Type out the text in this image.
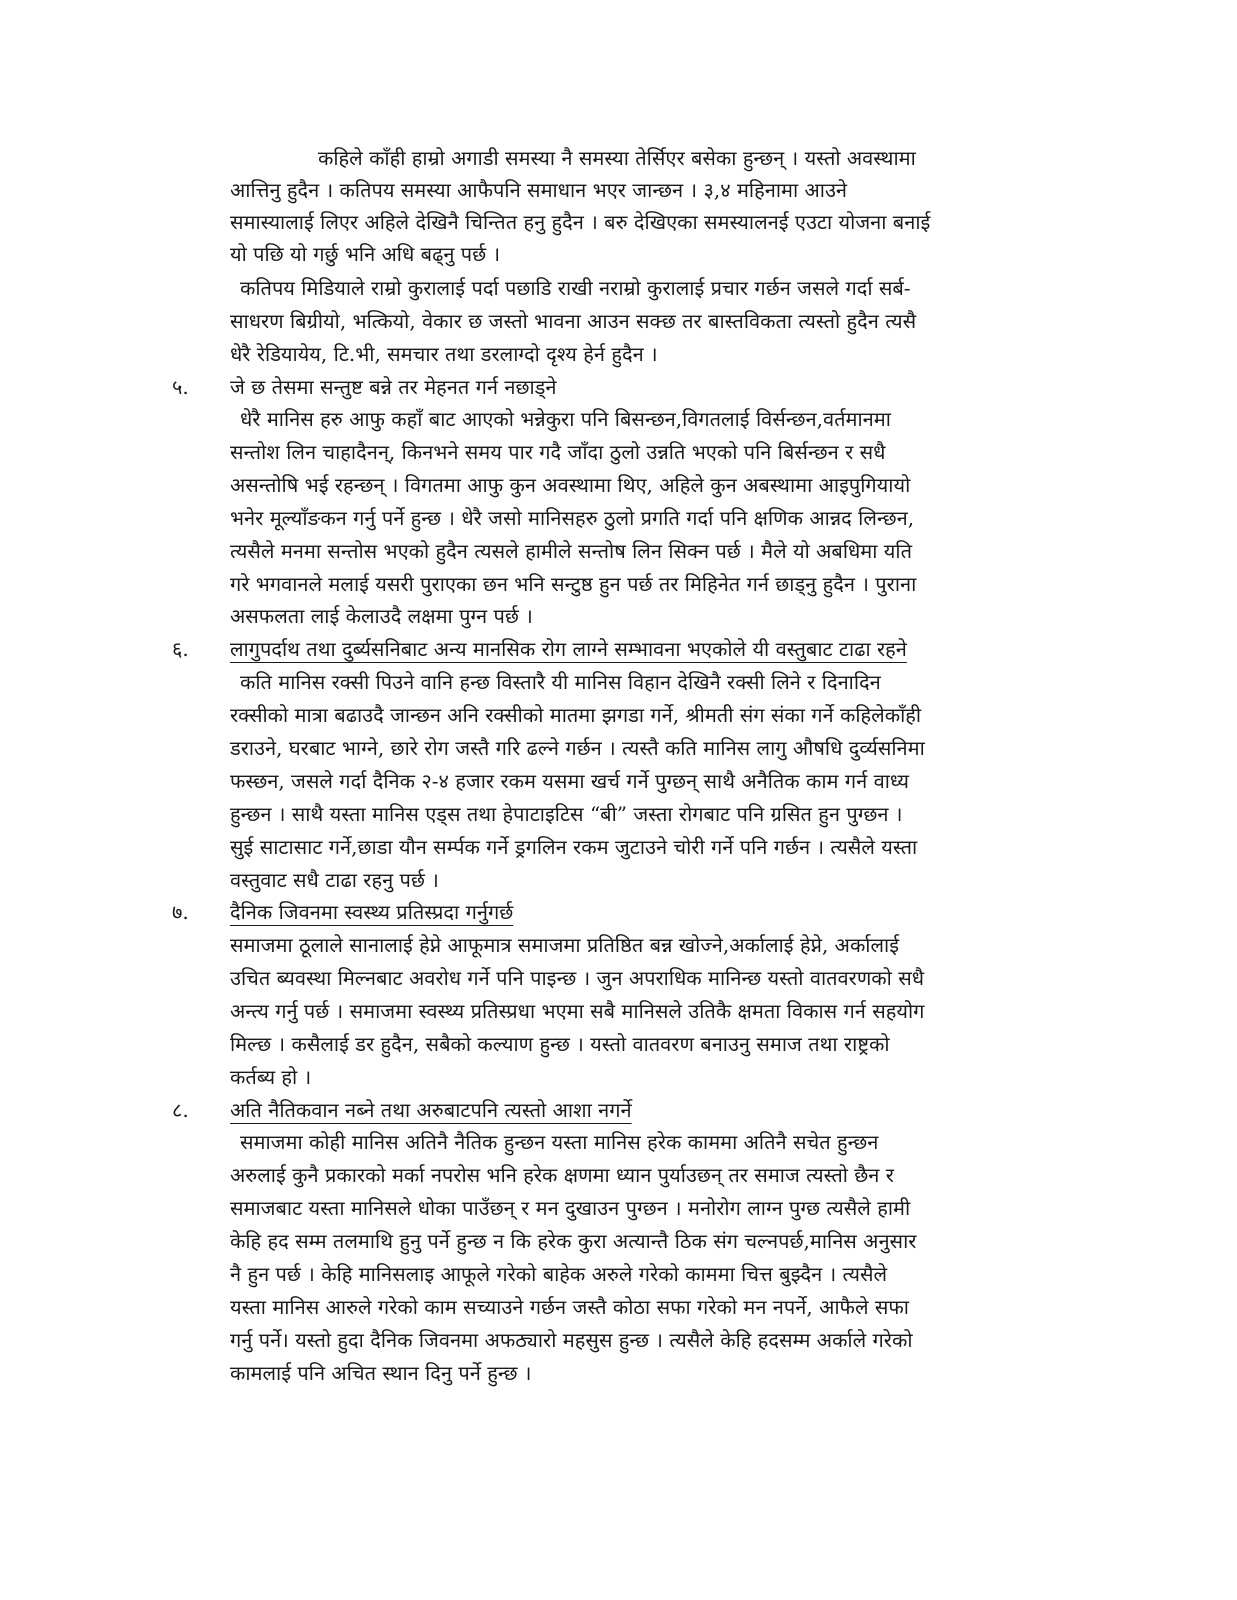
कहिले काँही हाम्रो अगाडी समस्या नै समस्या तेर्सिएर बसेका हुन्छन् । यस्तो अवस्थामा
आत्तिनु हुदैन । कतिपय समस्या आफैपनि समाधान भएर जान्छन । ३,४ महिनामा आउने
समास्यालाई लिएर अहिले देखिनै चिन्तित हनु हुदैन । बरु देखिएका समस्यालनई एउटा योजना बनाई
यो पछि यो गर्छु भनि अधि बढ्नु पर्छ ।
कतिपय मिडियाले राम्रो कुरालाई पर्दा पछाडि राखी नराम्रो कुरालाई प्रचार गर्छन जसले गर्दा सर्ब-
साधरण बिग्रीयो, भत्कियो, वेकार छ जस्तो भावना आउन सक्छ तर बास्तविकता त्यस्तो हुदैन त्यसै
धेरै रेडियायेय, टि.भी, समचार तथा डरलाग्दो दृश्य हेर्न हुदैन ।
५. जे छ तेसमा सन्तुष्ट बन्ने तर मेहनत गर्न नछाड्ने
धेरै मानिस हरु आफु कहाँ बाट आएको भन्नेकुरा पनि बिसन्छन,विगतलाई विर्सन्छन,वर्तमानमा
सन्तोश लिन चाहादैनन्, किनभने समय पार गदै जाँदा ठुलो उन्नति भएको पनि बिर्सन्छन र सधै
असन्तोषि भई रहन्छन् । विगतमा आफु कुन अवस्थामा थिए, अहिले कुन अबस्थामा आइपुगियायो
भनेर मूल्याँङकन गर्नु पर्ने हुन्छ । धेरै जसो मानिसहरु ठुलो प्रगति गर्दा पनि क्षणिक आन्नद लिन्छन,
त्यसैले मनमा सन्तोस भएको हुदैन त्यसले हामीले सन्तोष लिन सिक्न पर्छ । मैले यो अबधिमा यति
गरे भगवानले मलाई यसरी पुराएका छन भनि सन्टुष्ठ हुन पर्छ तर मिहिनेत गर्न छाड्नु हुदैन । पुराना
असफलता लाई केलाउदै लक्षमा पुग्न पर्छ ।
६. लागुपर्दाथ तथा दुर्ब्यसनिबाट अन्य मानसिक रोग लाग्ने सम्भावना भएकोले यी वस्तुबाट टाढा रहने
कति मानिस रक्सी पिउने वानि हन्छ विस्तारै यी मानिस विहान देखिनै रक्सी लिने र दिनादिन
रक्सीको मात्रा बढाउदै जान्छन अनि रक्सीको मातमा झगडा गर्ने, श्रीमती संग संका गर्ने कहिलेकाँही
डराउने, घरबाट भाग्ने, छारे रोग जस्तै गरि ढल्ने गर्छन । त्यस्तै कति मानिस लागु औषधि दुर्व्यसनिमा
फस्छन, जसले गर्दा दैनिक २-४ हजार रकम यसमा खर्च गर्ने पुग्छन् साथै अनैतिक काम गर्न वाध्य
हुन्छन । साथै यस्ता मानिस एड्स तथा हेपाटाइटिस “बी” जस्ता रोगबाट पनि ग्रसित हुन पुग्छन ।
सुई साटासाट गर्ने,छाडा यौन सर्म्पक गर्ने ड्रगलिन रकम जुटाउने चोरी गर्ने पनि गर्छन । त्यसैले यस्ता
वस्तुवाट सधै टाढा रहनु पर्छ ।
७. दैनिक जिवनमा स्वस्थ्य प्रतिस्प्रदा गर्नुगर्छ
समाजमा ठूलाले सानालाई हेप्ने आफूमात्र समाजमा प्रतिष्ठित बन्न खोज्ने,अर्कालाई हेप्ने, अर्कालाई
उचित ब्यवस्था मिल्नबाट अवरोध गर्ने पनि पाइन्छ । जुन अपराधिक मानिन्छ यस्तो वातवरणको सधै
अन्त्य गर्नु पर्छ । समाजमा स्वस्थ्य प्रतिस्प्रधा भएमा सबै मानिसले उतिकै क्षमता विकास गर्न सहयोग
मिल्छ । कसैलाई डर हुदैन, सबैको कल्याण हुन्छ । यस्तो वातवरण बनाउनु समाज तथा राष्ट्रको
कर्तब्य हो ।
८. अति नैतिकवान नब्ने तथा अरुबाटपनि त्यस्तो आशा नगर्ने
समाजमा कोही मानिस अतिनै नैतिक हुन्छन यस्ता मानिस हरेक काममा अतिनै सचेत हुन्छन
अरुलाई कुनै प्रकारको मर्का नपरोस भनि हरेक क्षणमा ध्यान पुर्याउछन् तर समाज त्यस्तो छैन र
समाजबाट यस्ता मानिसले धोका पाउँछन् र मन दुखाउन पुग्छन । मनोरोग लाग्न पुग्छ त्यसैले हामी
केहि हद सम्म तलमाथि हुनु पर्ने हुन्छ न कि हरेक कुरा अत्यान्तै ठिक संग चल्नपर्छ,मानिस अनुसार
नै हुन पर्छ । केहि मानिसलाइ आफूले गरेको बाहेक अरुले गरेको काममा चित्त बुझ्दैन । त्यसैले
यस्ता मानिस आरुले गरेको काम सच्याउने गर्छन जस्तै कोठा सफा गरेको मन नपर्ने, आफैले सफा
गर्नु पर्ने। यस्तो हुदा दैनिक जिवनमा अफठ्यारो महसुस हुन्छ । त्यसैले केहि हदसम्म अर्काले गरेको
कामलाई पनि अचित स्थान दिनु पर्ने हुन्छ ।
